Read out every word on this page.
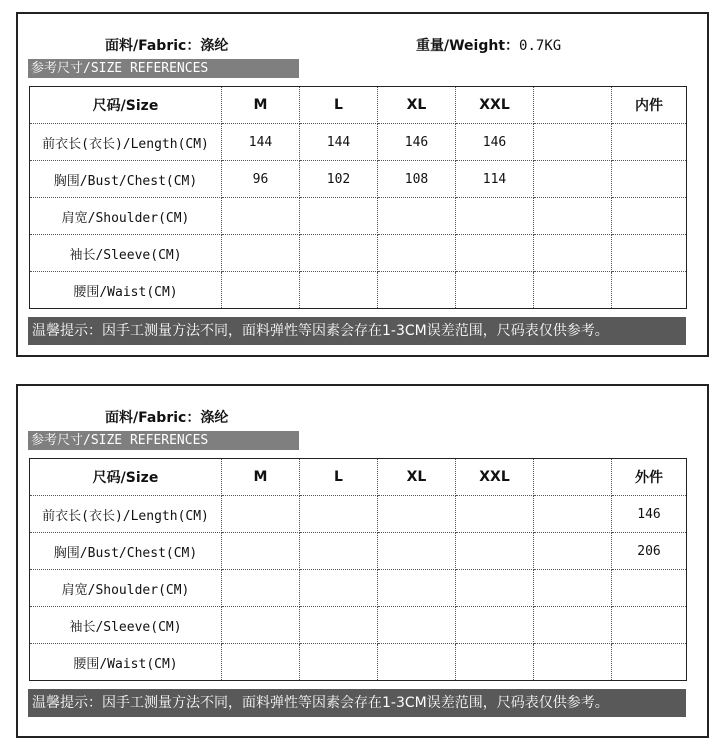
面料/Fabric：涤纶	重量/Weight：0.7KG
参考尺寸/SIZE REFERENCES
尺码/Size	M	L	XL	XXL		内件
前衣长(衣长)/Length(CM)	144	144	146	146		
胸围/Bust/Chest(CM)	96	102	108	114		
肩宽/Shoulder(CM)						
袖长/Sleeve(CM)						
腰围/Waist(CM)						
温馨提示：因手工测量方法不同，面料弹性等因素会存在1-3CM误差范围，尺码表仅供参考。
面料/Fabric：涤纶
参考尺寸/SIZE REFERENCES
尺码/Size	M	L	XL	XXL		外件
前衣长(衣长)/Length(CM)						146
胸围/Bust/Chest(CM)						206
肩宽/Shoulder(CM)						
袖长/Sleeve(CM)						
腰围/Waist(CM)						
温馨提示：因手工测量方法不同，面料弹性等因素会存在1-3CM误差范围，尺码表仅供参考。
